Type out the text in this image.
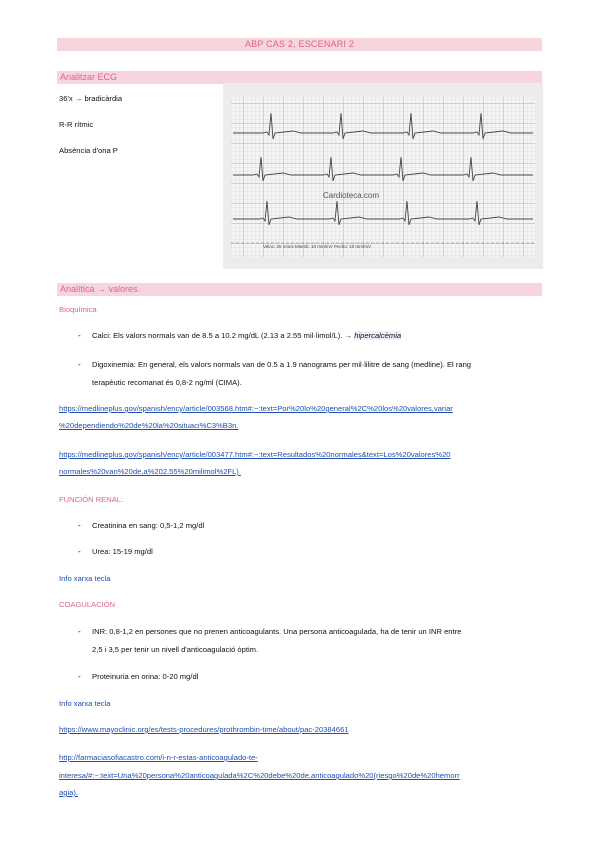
ABP CAS 2, ESCENARI 2
Analitzar ECG
36'x → bradicàrdia
R-R rítmic
Absència d'ona P
Cardioteca.com
Veloc: 25 mm/s Miemb: 10 mm/mV Pecho: 10 mm/mV
Analítica → valores.
Bioquímica
- Calci: Els valors normals van de 8.5 a 10.2 mg/dL (2.13 a 2.55 mil·limol/L). → hipercalcèmia
- Digoxinemia: En general, els valors normals van de 0.5 a 1.9 nanograms per mil·lilitre de sang (medline). El rang
terapèutic recomanat és 0,8-2 ng/ml (CIMA).
https://medlineplus.gov/spanish/ency/article/003568.htm#:~:text=Por%20lo%20general%2C%20los%20valores,variar
%20dependiendo%20de%20la%20situaci%C3%B3n.
https://medlineplus.gov/spanish/ency/article/003477.htm#:~:text=Resultados%20normales&text=Los%20valores%20
normales%20van%20de,a%202.55%20milimol%2FL).
FUNCIÓN RENAL:
- Creatinina en sang: 0,5-1,2 mg/dl
- Urea: 15-19 mg/dl
Info xarxa tecla
COAGULACIÓN
- INR: 0,8-1,2 en persones que no prenen anticoagulants. Una persona anticoagulada, ha de tenir un INR entre
2,5 i 3,5 per tenir un nivell d'anticoagulació òptim.
- Proteinuria en orina: 0-20 mg/dl
Info xarxa tecla
https://www.mayoclinic.org/es/tests-procedures/prothrombin-time/about/pac-20384661
http://farmaciasofiacastro.com/i-n-r-estas-anticoagulado-te-
interesa/#:~:text=Una%20persona%20anticoagulada%2C%20debe%20de,anticoagulado%20(riesgo%20de%20hemorr
agia).
